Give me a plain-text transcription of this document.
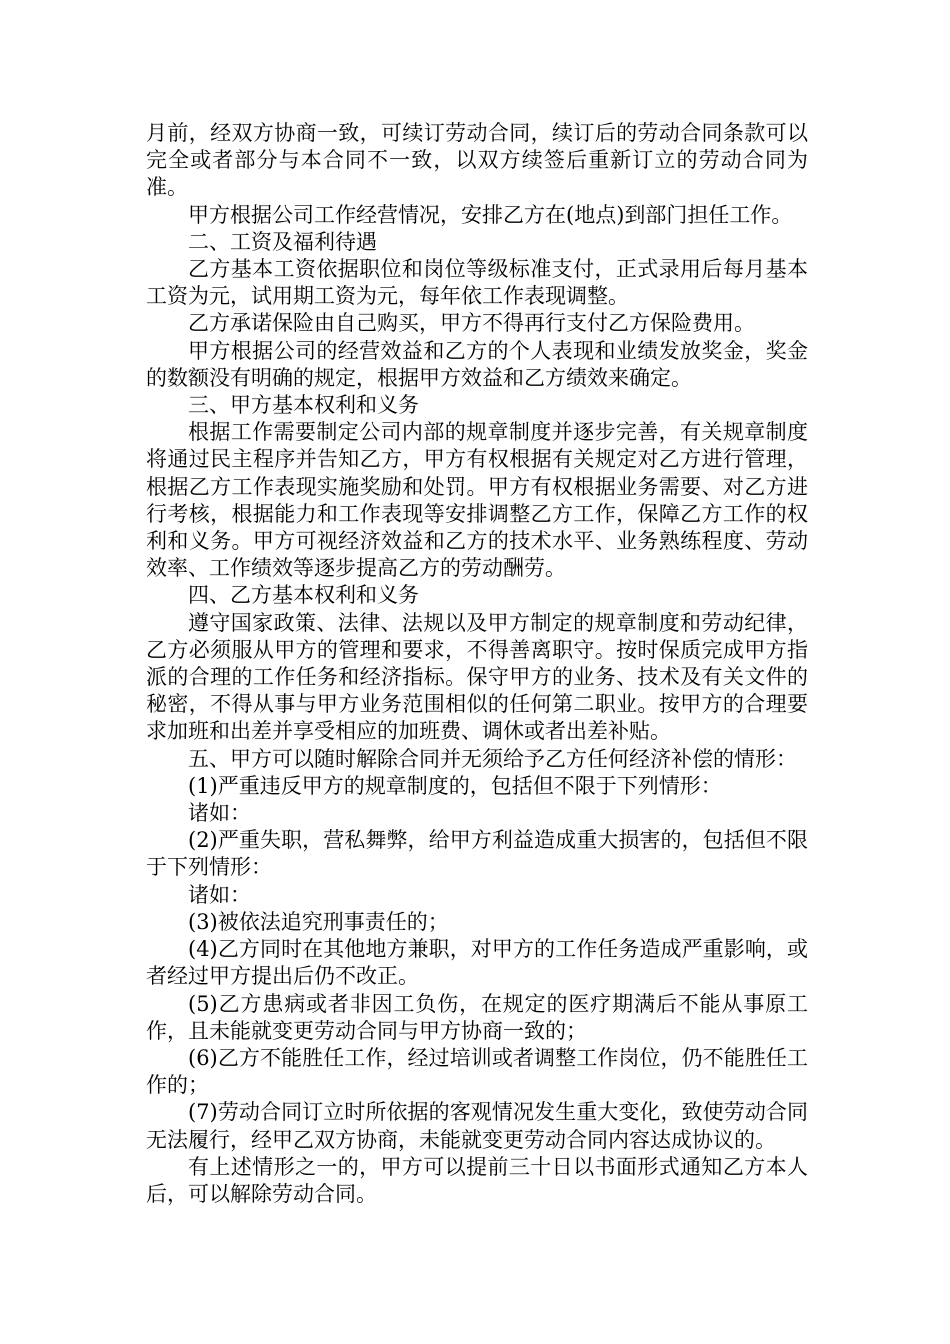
月前，经双方协商一致，可续订劳动合同，续订后的劳动合同条款可以完全或者部分与本合同不一致，以双方续签后重新订立的劳动合同为准。

甲方根据公司工作经营情况，安排乙方在(地点)到部门担任工作。

二、工资及福利待遇

乙方基本工资依据职位和岗位等级标准支付，正式录用后每月基本工资为元，试用期工资为元，每年依工作表现调整。

乙方承诺保险由自己购买，甲方不得再行支付乙方保险费用。

甲方根据公司的经营效益和乙方的个人表现和业绩发放奖金，奖金的数额没有明确的规定，根据甲方效益和乙方绩效来确定。

三、甲方基本权利和义务

根据工作需要制定公司内部的规章制度并逐步完善，有关规章制度将通过民主程序并告知乙方，甲方有权根据有关规定对乙方进行管理，根据乙方工作表现实施奖励和处罚。甲方有权根据业务需要、对乙方进行考核，根据能力和工作表现等安排调整乙方工作，保障乙方工作的权利和义务。甲方可视经济效益和乙方的技术水平、业务熟练程度、劳动效率、工作绩效等逐步提高乙方的劳动酬劳。

四、乙方基本权利和义务

遵守国家政策、法律、法规以及甲方制定的规章制度和劳动纪律，乙方必须服从甲方的管理和要求，不得善离职守。按时保质完成甲方指派的合理的工作任务和经济指标。保守甲方的业务、技术及有关文件的秘密，不得从事与甲方业务范围相似的任何第二职业。按甲方的合理要求加班和出差并享受相应的加班费、调休或者出差补贴。

五、甲方可以随时解除合同并无须给予乙方任何经济补偿的情形：

(1)严重违反甲方的规章制度的，包括但不限于下列情形：

诸如：

(2)严重失职，营私舞弊，给甲方利益造成重大损害的，包括但不限于下列情形：

诸如：

(3)被依法追究刑事责任的；

(4)乙方同时在其他地方兼职，对甲方的工作任务造成严重影响，或者经过甲方提出后仍不改正。

(5)乙方患病或者非因工负伤，在规定的医疗期满后不能从事原工作，且未能就变更劳动合同与甲方协商一致的；

(6)乙方不能胜任工作，经过培训或者调整工作岗位，仍不能胜任工作的；

(7)劳动合同订立时所依据的客观情况发生重大变化，致使劳动合同无法履行，经甲乙双方协商，未能就变更劳动合同内容达成协议的。

有上述情形之一的，甲方可以提前三十日以书面形式通知乙方本人后，可以解除劳动合同。
